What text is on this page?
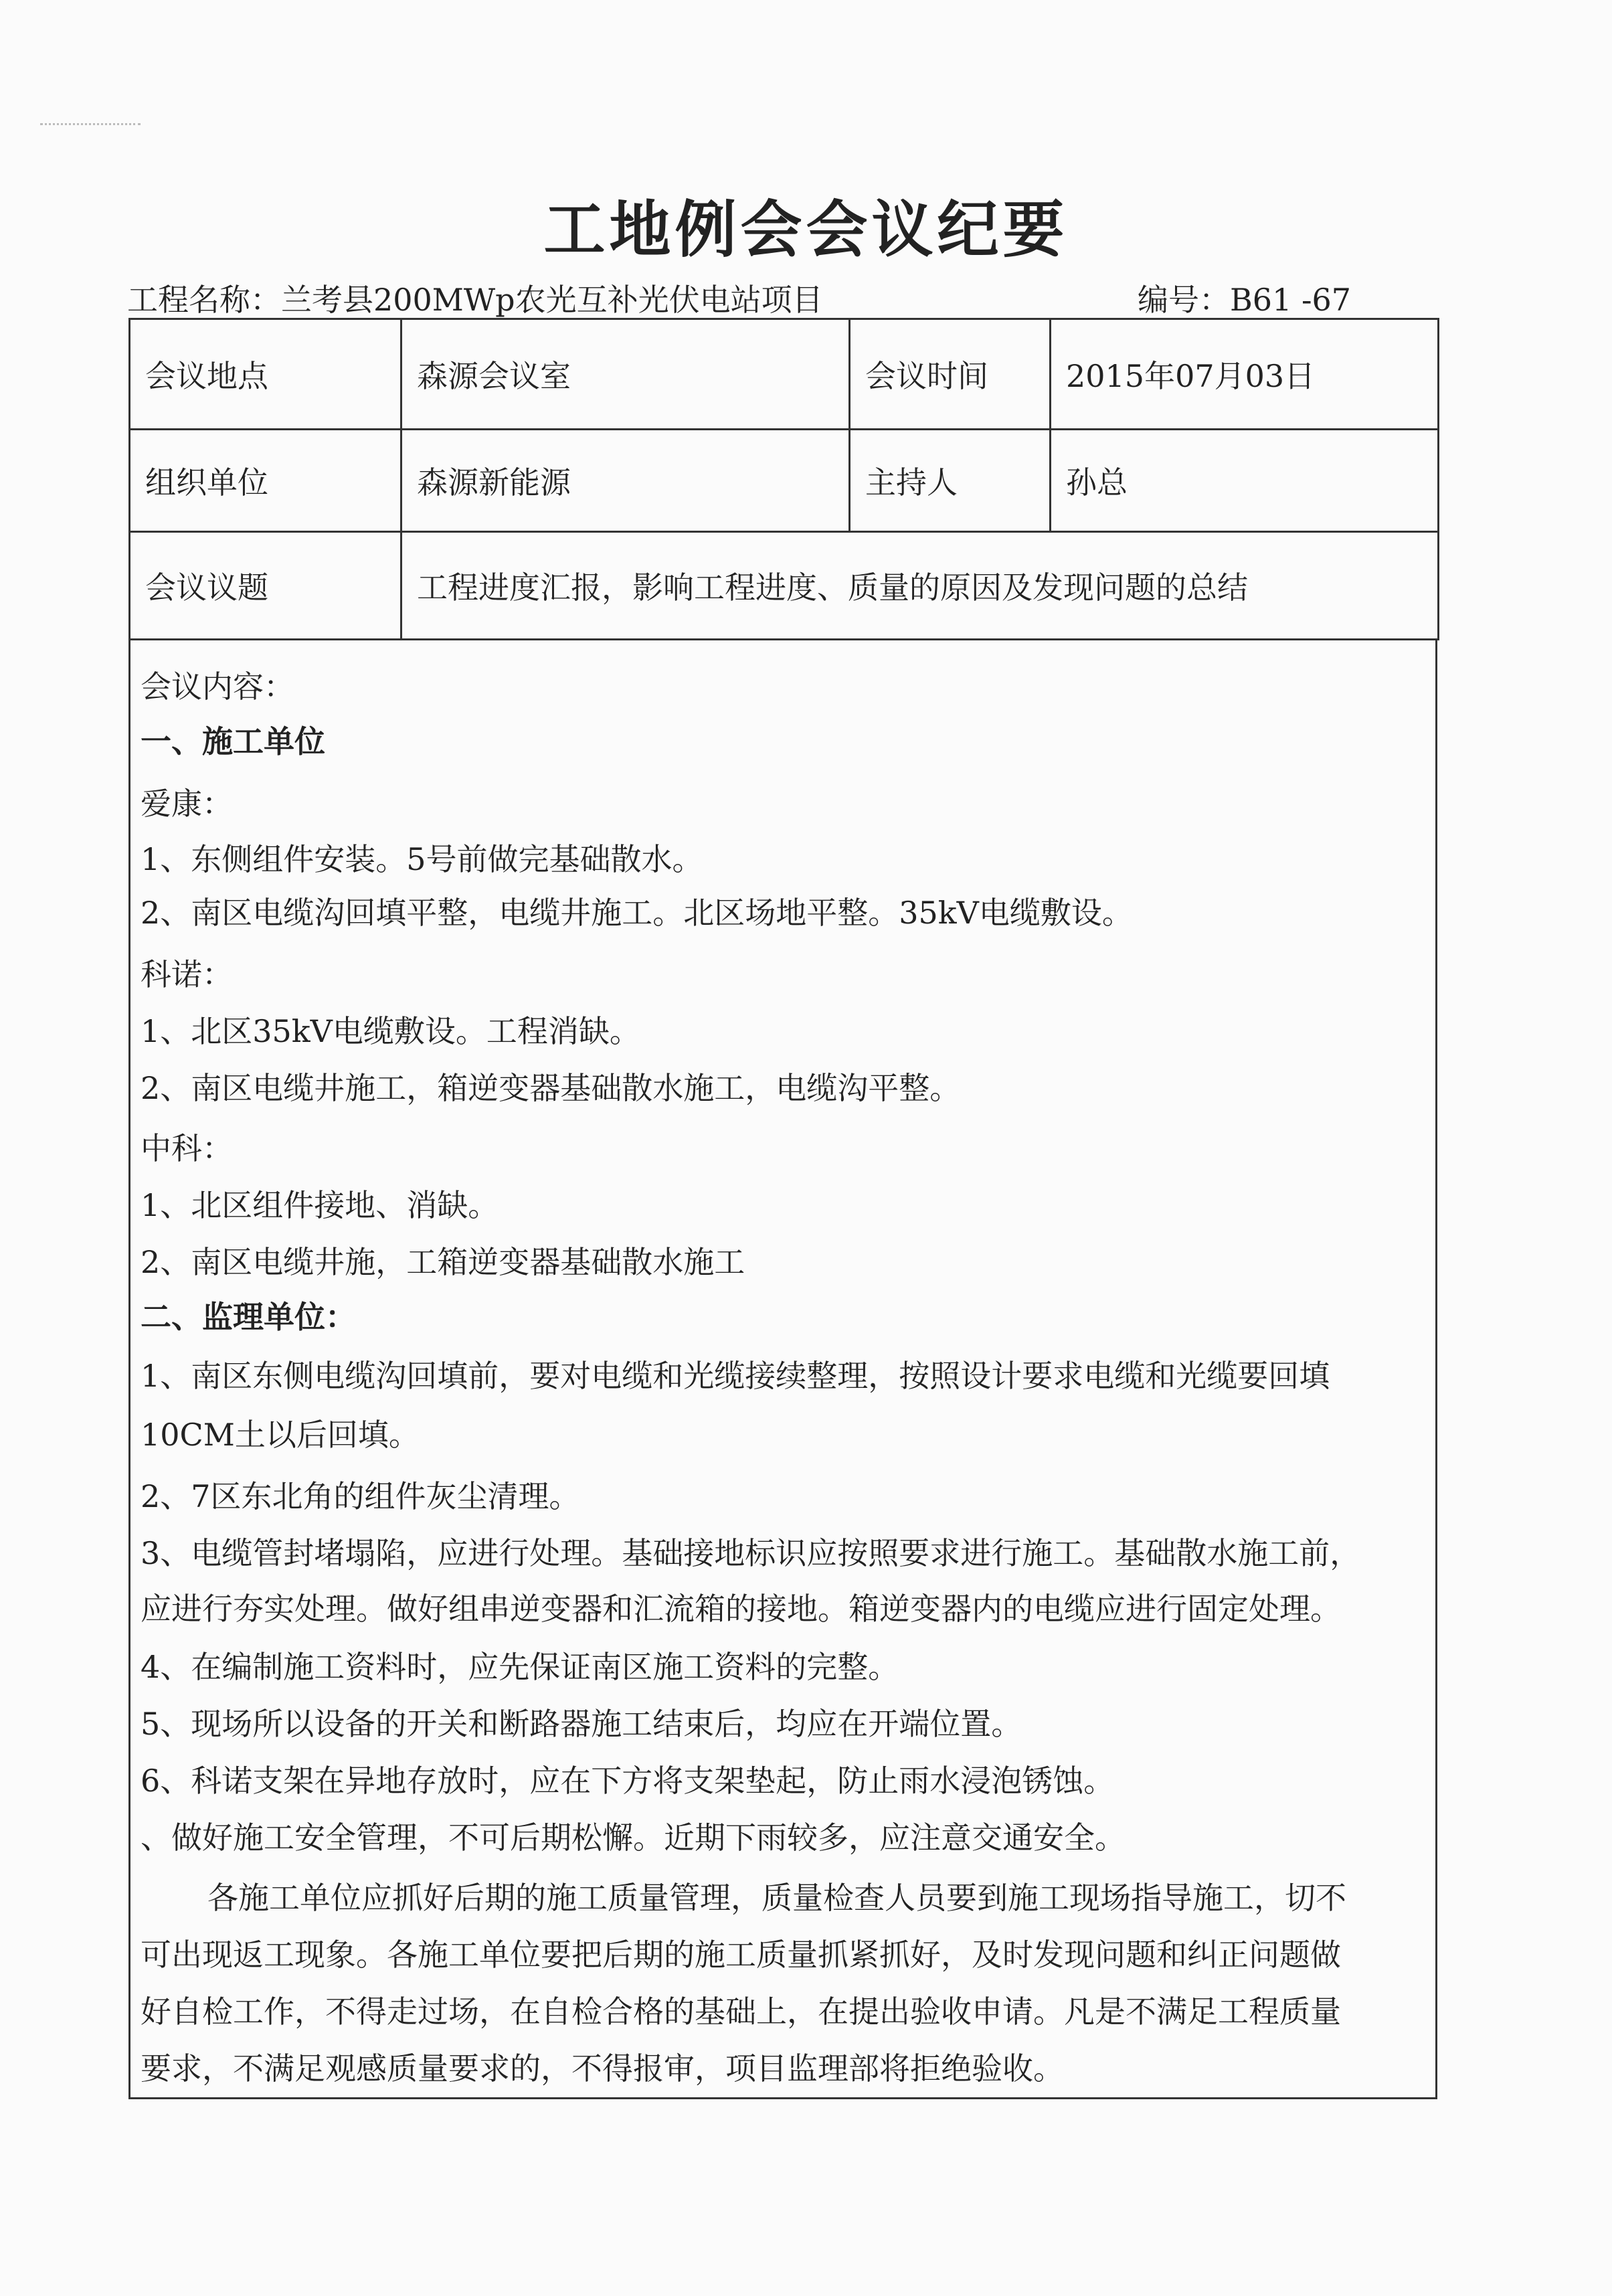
工地例会会议纪要
工程名称：兰考县200MWp农光互补光伏电站项目	编号：B61 -67
会议地点	森源会议室	会议时间	2015年07月03日
组织单位	森源新能源	主持人	孙总
会议议题	工程进度汇报，影响工程进度、质量的原因及发现问题的总结		
会议内容：
一、施工单位
爱康：
1、东侧组件安装。5号前做完基础散水。
2、南区电缆沟回填平整，电缆井施工。北区场地平整。35kV电缆敷设。
科诺：
1、北区35kV电缆敷设。工程消缺。
2、南区电缆井施工，箱逆变器基础散水施工，电缆沟平整。
中科：
1、北区组件接地、消缺。
2、南区电缆井施，工箱逆变器基础散水施工
二、监理单位：
1、南区东侧电缆沟回填前，要对电缆和光缆接续整理，按照设计要求电缆和光缆要回填
10CM土以后回填。
2、7区东北角的组件灰尘清理。
3、电缆管封堵塌陷，应进行处理。基础接地标识应按照要求进行施工。基础散水施工前，
应进行夯实处理。做好组串逆变器和汇流箱的接地。箱逆变器内的电缆应进行固定处理。
4、在编制施工资料时，应先保证南区施工资料的完整。
5、现场所以设备的开关和断路器施工结束后，均应在开端位置。
6、科诺支架在异地存放时，应在下方将支架垫起，防止雨水浸泡锈蚀。
、做好施工安全管理，不可后期松懈。近期下雨较多，应注意交通安全。
各施工单位应抓好后期的施工质量管理，质量检查人员要到施工现场指导施工，切不
可出现返工现象。各施工单位要把后期的施工质量抓紧抓好，及时发现问题和纠正问题做
好自检工作，不得走过场，在自检合格的基础上，在提出验收申请。凡是不满足工程质量
要求，不满足观感质量要求的，不得报审，项目监理部将拒绝验收。
